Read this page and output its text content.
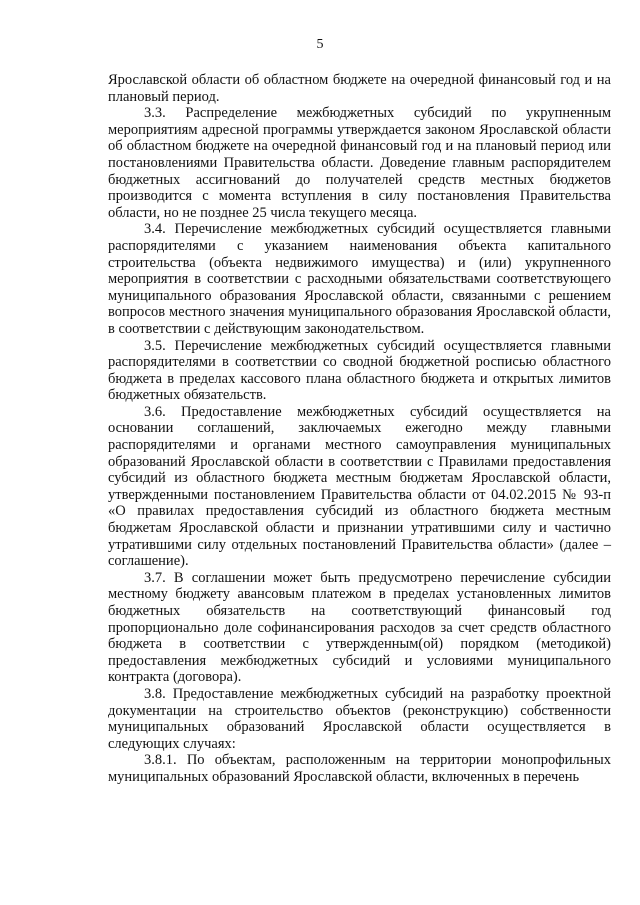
5

Ярославской области об областном бюджете на очередной финансовый год и на плановый период.

3.3. Распределение межбюджетных субсидий по укрупненным мероприятиям адресной программы утверждается законом Ярославской области об областном бюджете на очередной финансовый год и на плановый период или постановлениями Правительства области. Доведение главным распорядителем бюджетных ассигнований до получателей средств местных бюджетов производится с момента вступления в силу постановления Правительства области, но не позднее 25 числа текущего месяца.

3.4. Перечисление межбюджетных субсидий осуществляется главными распорядителями с указанием наименования объекта капитального строительства (объекта недвижимого имущества) и (или) укрупненного мероприятия в соответствии с расходными обязательствами соответствующего муниципального образования Ярославской области, связанными с решением вопросов местного значения муниципального образования Ярославской области, в соответствии с действующим законодательством.

3.5. Перечисление межбюджетных субсидий осуществляется главными распорядителями в соответствии со сводной бюджетной росписью областного бюджета в пределах кассового плана областного бюджета и открытых лимитов бюджетных обязательств.

3.6. Предоставление межбюджетных субсидий осуществляется на основании соглашений, заключаемых ежегодно между главными распорядителями и органами местного самоуправления муниципальных образований Ярославской области в соответствии с Правилами предоставления субсидий из областного бюджета местным бюджетам Ярославской области, утвержденными постановлением Правительства области от 04.02.2015 № 93-п «О правилах предоставления субсидий из областного бюджета местным бюджетам Ярославской области и признании утратившими силу и частично утратившими силу отдельных постановлений Правительства области» (далее – соглашение).

3.7. В соглашении может быть предусмотрено перечисление субсидии местному бюджету авансовым платежом в пределах установленных лимитов бюджетных обязательств на соответствующий финансовый год пропорционально доле софинансирования расходов за счет средств областного бюджета в соответствии с утвержденным(ой) порядком (методикой) предоставления межбюджетных субсидий и условиями муниципального контракта (договора).

3.8. Предоставление межбюджетных субсидий на разработку проектной документации на строительство объектов (реконструкцию) собственности муниципальных образований Ярославской области осуществляется в следующих случаях:

3.8.1. По объектам, расположенным на территории монопрофильных муниципальных образований Ярославской области, включенных в перечень
